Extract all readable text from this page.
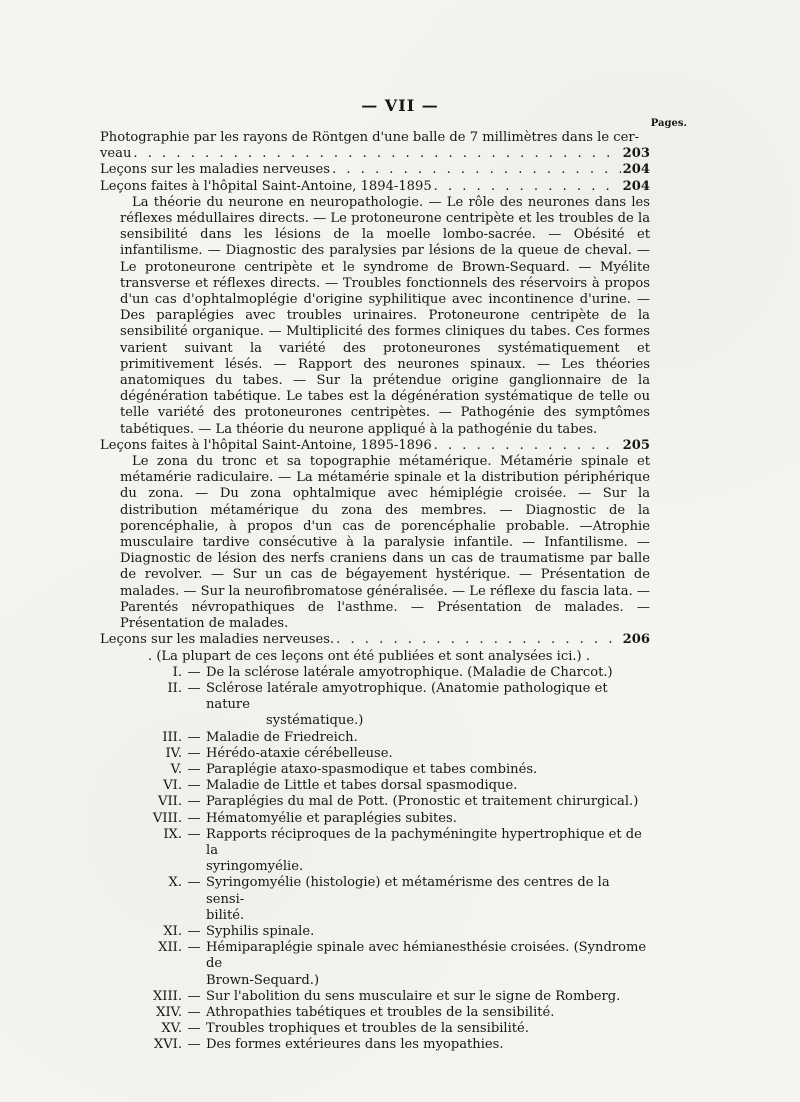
— VII —
Pages.
Photographie par les rayons de Röntgen d'une balle de 7 millimètres dans le cer-
veau . . .	203
Leçons sur les maladies nerveuses . . .	204
Leçons faites à l'hôpital Saint-Antoine, 1894-1895 . . .	204

La théorie du neurone en neuropathologie. — Le rôle des neurones dans les réflexes médullaires directs. — Le protoneurone centripète et les troubles de la sensibilité dans les lésions de la moelle lombo-sacrée. — Obésité et infantilisme. — Diagnostic des paralysies par lésions de la queue de cheval. — Le protoneurone centripète et le syndrome de Brown-Sequard. — Myélite transverse et réflexes directs. — Troubles fonctionnels des réservoirs à propos d'un cas d'ophtalmoplégie d'origine syphilitique avec incontinence d'urine. — Des paraplégies avec troubles urinaires. Protoneurone centripète de la sensibilité organique. — Multiplicité des formes cliniques du tabes. Ces formes varient suivant la variété des protoneurones systématiquement et primitivement lésés. — Rapport des neurones spinaux. — Les théories anatomiques du tabes. — Sur la prétendue origine ganglionnaire de la dégénération tabétique. Le tabes est la dégénération systématique de telle ou telle variété des protoneurones centripètes. — Pathogénie des symptômes tabétiques. — La théorie du neurone appliqué à la pathogénie du tabes.

Leçons faites à l'hôpital Saint-Antoine, 1895-1896 . . .	205

Le zona du tronc et sa topographie métamérique. Métamérie spinale et métamérie radiculaire. — La métamérie spinale et la distribution périphérique du zona. — Du zona ophtalmique avec hémiplégie croisée. — Sur la distribution métamérique du zona des membres. — Diagnostic de la porencéphalie, à propos d'un cas de porencéphalie probable. —Atrophie musculaire tardive consécutive à la paralysie infantile. — Infantilisme. — Diagnostic de lésion des nerfs craniens dans un cas de traumatisme par balle de revolver. — Sur un cas de bégayement hystérique. — Présentation de malades. — Sur la neurofibromatose généralisée. — Le réflexe du fascia lata. — Parentés névropathiques de l'asthme. — Présentation de malades. — Présentation de malades.

Leçons sur les maladies nerveuses. . . .	206
. (La plupart de ces leçons ont été publiées et sont analysées ici.) .
I. — De la sclérose latérale amyotrophique. (Maladie de Charcot.)
II. — Sclérose latérale amyotrophique. (Anatomie pathologique et nature
systématique.)
III. — Maladie de Friedreich.
IV. — Hérédo-ataxie cérébelleuse.
V. — Paraplégie ataxo-spasmodique et tabes combinés.
VI. — Maladie de Little et tabes dorsal spasmodique.
VII. — Paraplégies du mal de Pott. (Pronostic et traitement chirurgical.)
VIII. — Hématomyélie et paraplégies subites.
IX. — Rapports réciproques de la pachyméningite hypertrophique et de la
syringomyélie.
X. — Syringomyélie (histologie) et métamérisme des centres de la sensi-
bilité.
XI. — Syphilis spinale.
XII. — Hémiparaplégie spinale avec hémianesthésie croisées. (Syndrome de
Brown-Sequard.)
XIII. — Sur l'abolition du sens musculaire et sur le signe de Romberg.
XIV. — Athropathies tabétiques et troubles de la sensibilité.
XV. — Troubles trophiques et troubles de la sensibilité.
XVI. — Des formes extérieures dans les myopathies.
